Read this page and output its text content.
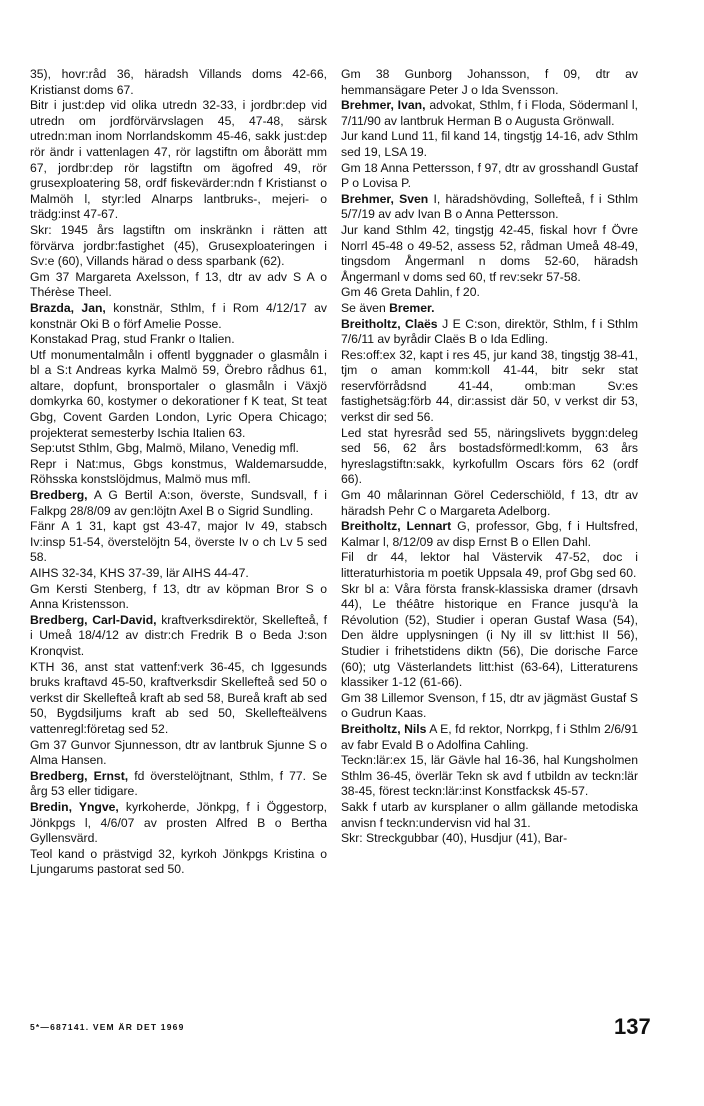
35), hovr:råd 36, häradsh Villands doms 42-66, Kristianst doms 67.

Bitr i just:dep vid olika utredn 32-33, i jordbr:dep vid utredn om jordförvärvslagen 45, 47-48, särsk utredn:man inom Norrlandskomm 45-46, sakk just:dep rör ändr i vattenlagen 47, rör lagstiftn om åborätt mm 67, jordbr:dep rör lagstiftn om ägofred 49, rör grusexploatering 58, ordf fiskevärder:ndn f Kristianst o Malmöh l, styr:led Alnarps lantbruks-, mejeri- o trädg:inst 47-67.

Skr: 1945 års lagstiftn om inskränkn i rätten att förvärva jordbr:fastighet (45), Grusexploateringen i Sv:e (60), Villands härad o dess sparbank (62).

Gm 37 Margareta Axelsson, f 13, dtr av adv S A o Thérèse Theel.

Brazda, Jan, konstnär, Sthlm, f i Rom 4/12/17 av konstnär Oki B o förf Amelie Posse.

Konstakad Prag, stud Frankr o Italien.

Utf monumentalmåln i offentl byggnader o glasmåln i bl a S:t Andreas kyrka Malmö 59, Örebro rådhus 61, altare, dopfunt, bronsportaler o glasmåln i Växjö domkyrka 60, kostymer o dekorationer f K teat, St teat Gbg, Covent Garden London, Lyric Opera Chicago; projekterat semesterby Ischia Italien 63.

Sep:utst Sthlm, Gbg, Malmö, Milano, Venedig mfl.

Repr i Nat:mus, Gbgs konstmus, Waldemarsudde, Röhsska konstslöjdmus, Malmö mus mfl.

Bredberg, A G Bertil A:son, överste, Sundsvall, f i Falkpg 28/8/09 av gen:löjtn Axel B o Sigrid Sundling.

Fänr A 1 31, kapt gst 43-47, major Iv 49, stabsch Iv:insp 51-54, överstelöjtn 54, överste Iv o ch Lv 5 sed 58.

AIHS 32-34, KHS 37-39, lär AIHS 44-47.

Gm Kersti Stenberg, f 13, dtr av köpman Bror S o Anna Kristensson.

Bredberg, Carl-David, kraftverksdirektör, Skellefteå, f i Umeå 18/4/12 av distr:ch Fredrik B o Beda J:son Kronqvist.

KTH 36, anst stat vattenf:verk 36-45, ch Iggesunds bruks kraftavd 45-50, kraftverksdir Skellefteå sed 50 o verkst dir Skellefteå kraft ab sed 58, Bureå kraft ab sed 50, Bygdsiljums kraft ab sed 50, Skellefteälvens vattenregl:företag sed 52.

Gm 37 Gunvor Sjunnesson, dtr av lantbruk Sjunne S o Alma Hansen.

Bredberg, Ernst, fd överstelöjtnant, Sthlm, f 77. Se årg 53 eller tidigare.

Bredin, Yngve, kyrkoherde, Jönkpg, f i Öggestorp, Jönkpgs l, 4/6/07 av prosten Alfred B o Bertha Gyllensvärd.

Teol kand o prästvigd 32, kyrkoh Jönkpgs Kristina o Ljungarums pastorat sed 50.

Gm 38 Gunborg Johansson, f 09, dtr av hemmansägare Peter J o Ida Svensson.

Brehmer, Ivan, advokat, Sthlm, f i Floda, Södermanl l, 7/11/90 av lantbruk Herman B o Augusta Grönwall.

Jur kand Lund 11, fil kand 14, tingstjg 14-16, adv Sthlm sed 19, LSA 19.

Gm 18 Anna Pettersson, f 97, dtr av grosshandl Gustaf P o Lovisa P.

Brehmer, Sven I, häradshövding, Sollefteå, f i Sthlm 5/7/19 av adv Ivan B o Anna Pettersson.

Jur kand Sthlm 42, tingstjg 42-45, fiskal hovr f Övre Norrl 45-48 o 49-52, assess 52, rådman Umeå 48-49, tingsdom Ångermanl n doms 52-60, häradsh Ångermanl v doms sed 60, tf rev:sekr 57-58.

Gm 46 Greta Dahlin, f 20.

Se även Bremer.

Breitholtz, Claës J E C:son, direktör, Sthlm, f i Sthlm 7/6/11 av byrådir Claës B o Ida Edling.

Res:off:ex 32, kapt i res 45, jur kand 38, tingstjg 38-41, tjm o aman komm:koll 41-44, bitr sekr stat reservförrådsnd 41-44, omb:man Sv:es fastighetsäg:förb 44, dir:assist där 50, v verkst dir 53, verkst dir sed 56.

Led stat hyresråd sed 55, näringslivets byggn:deleg sed 56, 62 års bostadsförmedl:komm, 63 års hyreslagstiftn:sakk, kyrkofullm Oscars förs 62 (ordf 66).

Gm 40 målarinnan Görel Cederschiöld, f 13, dtr av häradsh Pehr C o Margareta Adelborg.

Breitholtz, Lennart G, professor, Gbg, f i Hultsfred, Kalmar l, 8/12/09 av disp Ernst B o Ellen Dahl.

Fil dr 44, lektor hal Västervik 47-52, doc i litteraturhistoria m poetik Uppsala 49, prof Gbg sed 60.

Skr bl a: Våra första fransk-klassiska dramer (drsavh 44), Le théâtre historique en France jusqu'à la Révolution (52), Studier i operan Gustaf Wasa (54), Den äldre upplysningen (i Ny ill sv litt:hist II 56), Studier i frihetstidens diktn (56), Die dorische Farce (60); utg Västerlandets litt:hist (63-64), Litteraturens klassiker 1-12 (61-66).

Gm 38 Lillemor Svenson, f 15, dtr av jägmäst Gustaf S o Gudrun Kaas.

Breitholtz, Nils A E, fd rektor, Norrkpg, f i Sthlm 2/6/91 av fabr Evald B o Adolfina Cahling.

Teckn:lär:ex 15, lär Gävle hal 16-36, hal Kungsholmen Sthlm 36-45, överlär Tekn sk avd f utbildn av teckn:lär 38-45, förest teckn:lär:inst Konstfacksk 45-57.

Sakk f utarb av kursplaner o allm gällande metodiska anvisn f teckn:undervisn vid hal 31.

Skr: Streckgubbar (40), Husdjur (41), Bar-

5*—687141. VEM ÄR DET 1969	137
